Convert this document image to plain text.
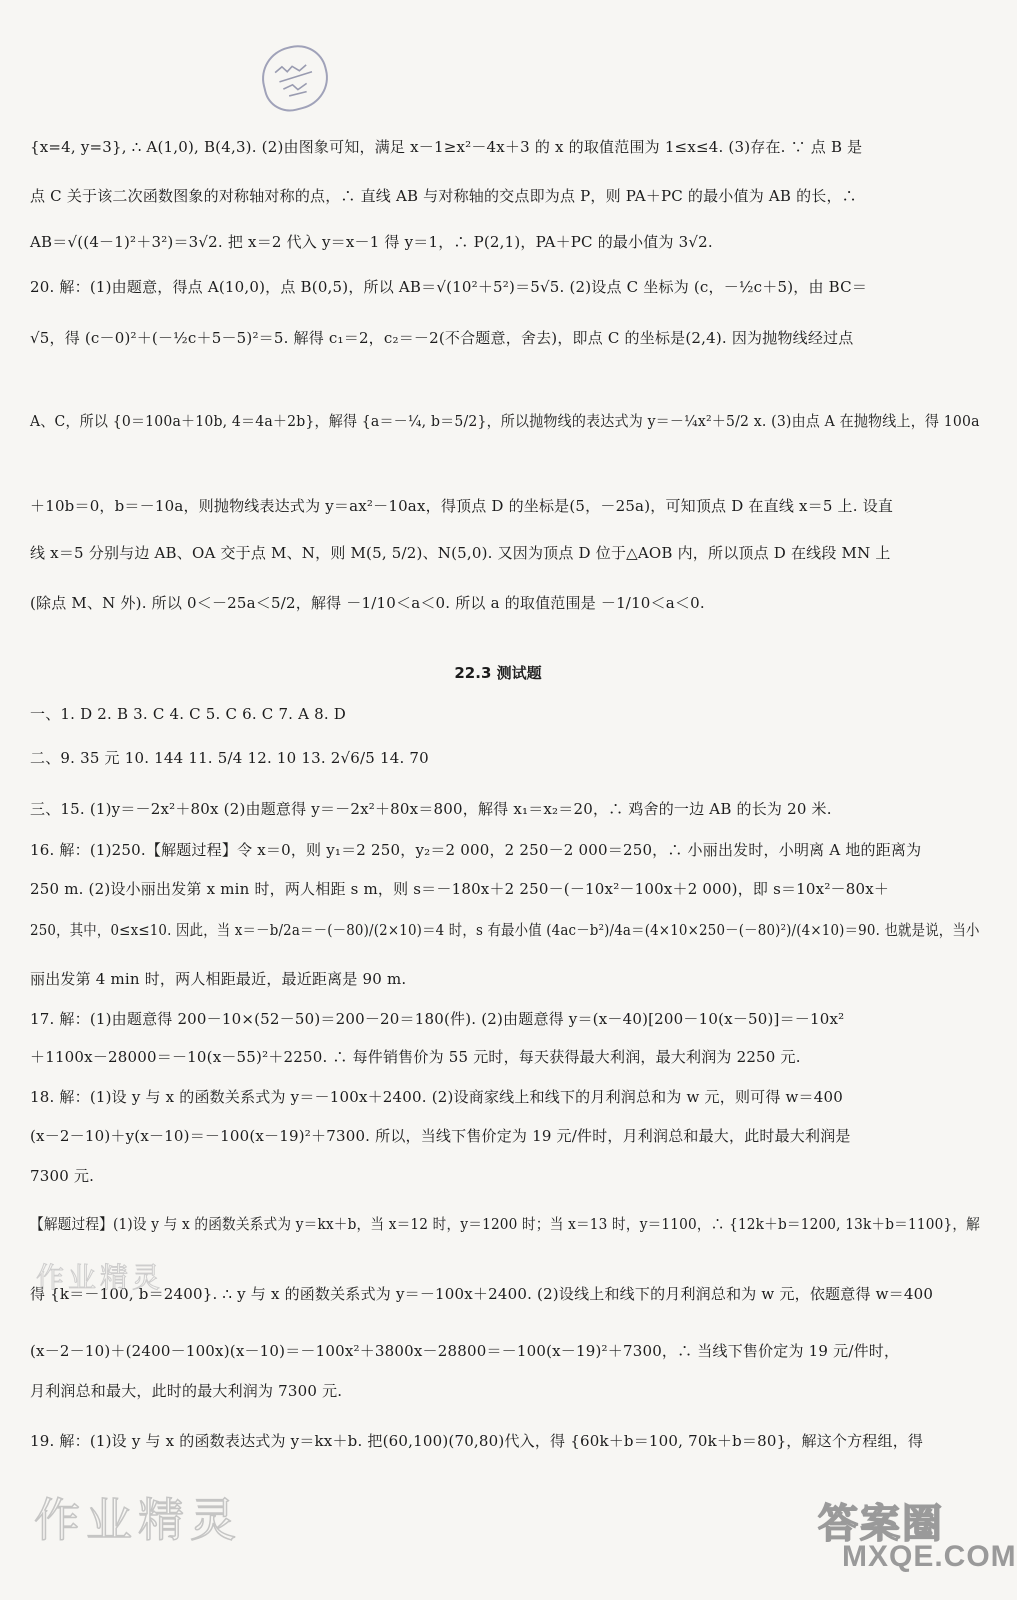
{x=4, y=3}, ∴ A(1,0), B(4,3). (2)由图象可知，满足 x－1≥x²－4x＋3 的 x 的取值范围为 1≤x≤4. (3)存在. ∵ 点 B 是
点 C 关于该二次函数图象的对称轴对称的点，∴ 直线 AB 与对称轴的交点即为点 P，则 PA＋PC 的最小值为 AB 的长，∴
AB＝√((4－1)²＋3²)＝3√2. 把 x＝2 代入 y＝x－1 得 y＝1，∴ P(2,1)，PA＋PC 的最小值为 3√2.
20. 解：(1)由题意，得点 A(10,0)，点 B(0,5)，所以 AB＝√(10²＋5²)＝5√5. (2)设点 C 坐标为 (c，－½c＋5)，由 BC＝
√5，得 (c－0)²＋(－½c＋5－5)²＝5. 解得 c₁＝2，c₂＝－2(不合题意，舍去)，即点 C 的坐标是(2,4). 因为抛物线经过点
A、C，所以 {0＝100a＋10b, 4＝4a＋2b}，解得 {a＝－¼, b＝5/2}，所以抛物线的表达式为 y＝－¼x²＋5/2 x. (3)由点 A 在抛物线上，得 100a
＋10b＝0，b＝－10a，则抛物线表达式为 y＝ax²－10ax，得顶点 D 的坐标是(5，－25a)，可知顶点 D 在直线 x＝5 上. 设直
线 x＝5 分别与边 AB、OA 交于点 M、N，则 M(5, 5/2)、N(5,0). 又因为顶点 D 位于△AOB 内，所以顶点 D 在线段 MN 上
(除点 M、N 外). 所以 0＜－25a＜5/2，解得 －1/10＜a＜0. 所以 a 的取值范围是 －1/10＜a＜0.
一、1. D 2. B 3. C 4. C 5. C 6. C 7. A 8. D
二、9. 35 元 10. 144 11. 5/4 12. 10 13. 2√6/5 14. 70
三、15. (1)y＝－2x²＋80x (2)由题意得 y＝－2x²＋80x＝800，解得 x₁＝x₂＝20，∴ 鸡舍的一边 AB 的长为 20 米.
16. 解：(1)250.【解题过程】令 x＝0，则 y₁＝2 250，y₂＝2 000，2 250－2 000＝250，∴ 小丽出发时，小明离 A 地的距离为
250 m. (2)设小丽出发第 x min 时，两人相距 s m，则 s＝－180x＋2 250－(－10x²－100x＋2 000)，即 s＝10x²－80x＋
250，其中，0≤x≤10. 因此，当 x＝－b/2a＝－(－80)/(2×10)＝4 时，s 有最小值 (4ac－b²)/4a＝(4×10×250－(－80)²)/(4×10)＝90. 也就是说，当小
丽出发第 4 min 时，两人相距最近，最近距离是 90 m.
17. 解：(1)由题意得 200－10×(52－50)＝200－20＝180(件). (2)由题意得 y＝(x－40)[200－10(x－50)]＝－10x²
＋1100x－28000＝－10(x－55)²＋2250. ∴ 每件销售价为 55 元时，每天获得最大利润，最大利润为 2250 元.
18. 解：(1)设 y 与 x 的函数关系式为 y＝－100x＋2400. (2)设商家线上和线下的月利润总和为 w 元，则可得 w＝400
(x－2－10)＋y(x－10)＝－100(x－19)²＋7300. 所以，当线下售价定为 19 元/件时，月利润总和最大，此时最大利润是
7300 元.
【解题过程】(1)设 y 与 x 的函数关系式为 y＝kx＋b，当 x＝12 时，y＝1200 时；当 x＝13 时，y＝1100，∴ {12k＋b＝1200, 13k＋b＝1100}，解
得 {k＝－100, b＝2400}. ∴ y 与 x 的函数关系式为 y＝－100x＋2400. (2)设线上和线下的月利润总和为 w 元，依题意得 w＝400
(x－2－10)＋(2400－100x)(x－10)＝－100x²＋3800x－28800＝－100(x－19)²＋7300，∴ 当线下售价定为 19 元/件时，
月利润总和最大，此时的最大利润为 7300 元.
19. 解：(1)设 y 与 x 的函数表达式为 y＝kx＋b. 把(60,100)(70,80)代入，得 {60k＋b＝100, 70k＋b＝80}，解这个方程组，得
22.3 测试题
作业精灵
作业精灵	答案圈
MXQE.COM
